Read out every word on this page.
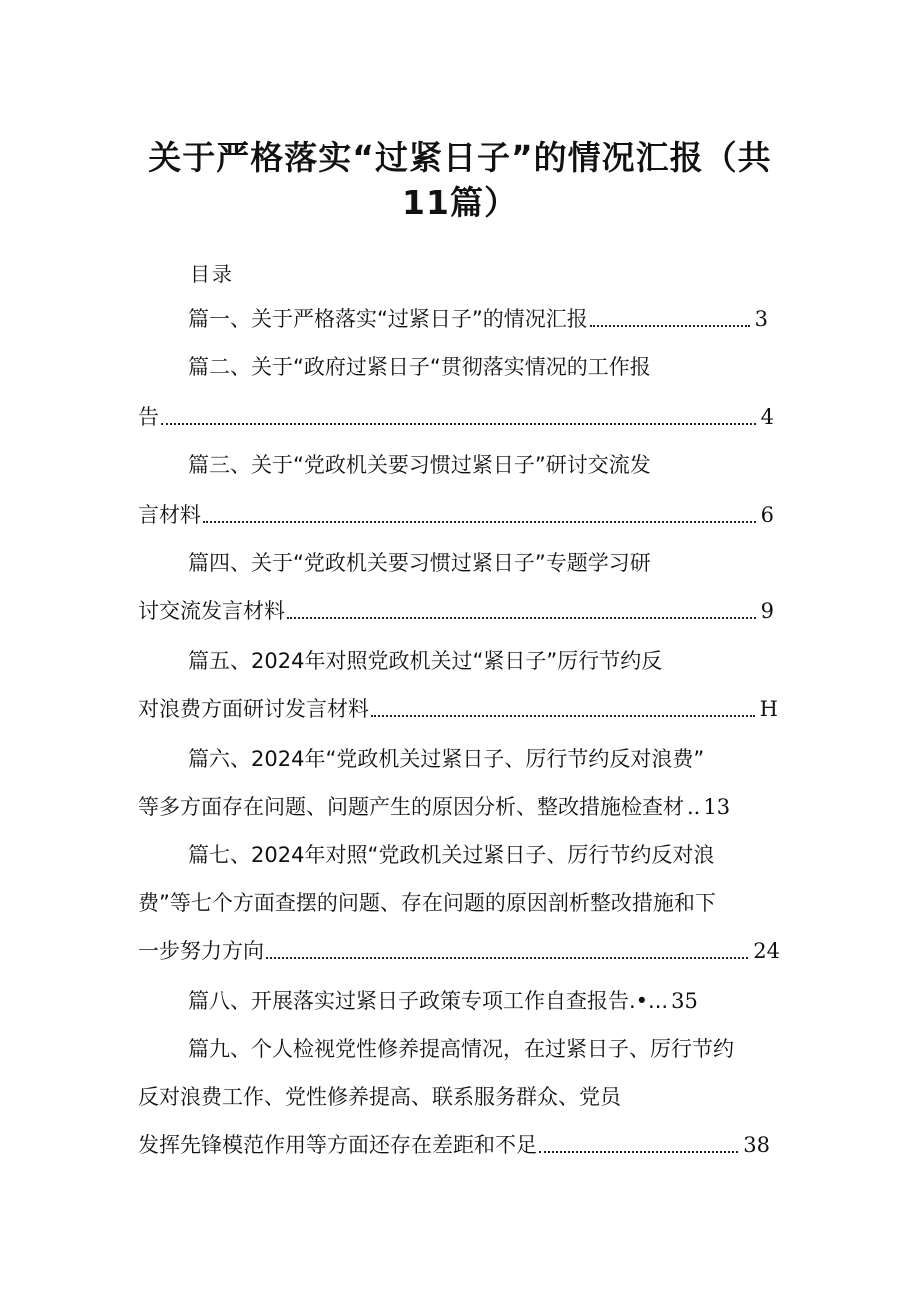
关于严格落实“过紧日子”的情况汇报（共
11篇）
目录
篇一、关于严格落实“过紧日子”的情况汇报	3
篇二、关于“政府过紧日子“贯彻落实情况的工作报
告	4
篇三、关于“党政机关要习惯过紧日子”研讨交流发
言材料	6
篇四、关于“党政机关要习惯过紧日子”专题学习研
讨交流发言材料	9
篇五、2024年对照党政机关过“紧日子”厉行节约反
对浪费方面研讨发言材料	H
篇六、2024年“党政机关过紧日子、厉行节约反对浪费”
等多方面存在问题、问题产生的原因分析、整改措施检查材 .. 13
篇七、2024年对照“党政机关过紧日子、厉行节约反对浪
费”等七个方面查摆的问题、存在问题的原因剖析整改措施和下
一步努力方向	24
篇八、开展落实过紧日子政策专项工作自查报告.•... 35
篇九、个人检视党性修养提高情况，在过紧日子、厉行节约
反对浪费工作、党性修养提高、联系服务群众、党员
发挥先锋模范作用等方面还存在差距和不足	38
